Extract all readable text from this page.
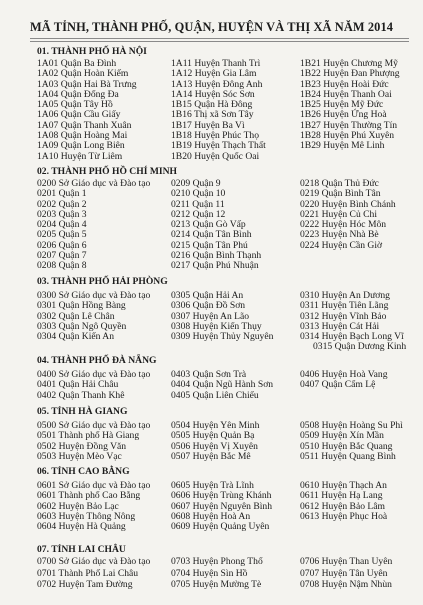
MÃ TỈNH, THÀNH PHỐ, QUẬN, HUYỆN VÀ THỊ XÃ NĂM 2014
01. THÀNH PHỐ HÀ NỘI
1A01 Quận Ba Đình
1A02 Quận Hoàn Kiếm
1A03 Quận Hai Bà Trưng
1A04 Quận Đống Đa
1A05 Quận Tây Hồ
1A06 Quận Cầu Giấy
1A07 Quận Thanh Xuân
1A08 Quận Hoàng Mai
1A09 Quận Long Biên
1A10 Huyện Từ Liêm
1A11 Huyện Thanh Trì
1A12 Huyện Gia Lâm
1A13 Huyện Đông Anh
1A14 Huyện Sóc Sơn
1B15 Quận Hà Đông
1B16 Thị xã Sơn Tây
1B17 Huyện Ba Vì
1B18 Huyện Phúc Thọ
1B19 Huyện Thạch Thất
1B20 Huyện Quốc Oai
1B21 Huyện Chương Mỹ
1B22 Huyện Đan Phượng
1B23 Huyện Hoài Đức
1B24 Huyện Thanh Oai
1B25 Huyện Mỹ Đức
1B26 Huyện Ứng Hoà
1B27 Huyện Thường Tín
1B28 Huyện Phú Xuyên
1B29 Huyện Mê Linh
02. THÀNH PHỐ HỒ CHÍ MINH
0200 Sở Giáo dục và Đào tạo
0201 Quận 1
0202 Quận 2
0203 Quận 3
0204 Quận 4
0205 Quận 5
0206 Quận 6
0207 Quận 7
0208 Quận 8
0209 Quận 9
0210 Quận 10
0211 Quận 11
0212 Quận 12
0213 Quận Gò Vấp
0214 Quận Tân Bình
0215 Quận Tân Phú
0216 Quận Bình Thạnh
0217 Quận Phú Nhuận
0218 Quận Thủ Đức
0219 Quận Bình Tân
0220 Huyện Bình Chánh
0221 Huyện Củ Chi
0222 Huyện Hóc Môn
0223 Huyện Nhà Bè
0224 Huyện Cần Giờ
03. THÀNH PHỐ HẢI PHÒNG
0300 Sở Giáo dục và Đào tạo
0301 Quận Hồng Bàng
0302 Quận Lê Chân
0303 Quận Ngô Quyền
0304 Quận Kiến An
0305 Quận Hải An
0306 Quận Đồ Sơn
0307 Huyện An Lão
0308 Huyện Kiến Thụy
0309 Huyện Thủy Nguyên
0310 Huyện An Dương
0311 Huyện Tiên Lãng
0312 Huyện Vĩnh Bảo
0313 Huyện Cát Hải
0314 Huyện Bạch Long Vĩ
0315 Quận Dương Kinh
04. THÀNH PHỐ ĐÀ NẴNG
0400 Sở Giáo dục và Đào tạo
0401 Quận Hải Châu
0402 Quận Thanh Khê
0403 Quận Sơn Trà
0404 Quận Ngũ Hành Sơn
0405 Quận Liên Chiểu
0406 Huyện Hoà Vang
0407 Quận Cẩm Lệ
05. TỈNH HÀ GIANG
0500 Sở Giáo dục và Đào tạo
0501 Thành phố Hà Giang
0502 Huyện Đồng Văn
0503 Huyện Mèo Vạc
0504 Huyện Yên Minh
0505 Huyện Quản Bạ
0506 Huyện Vị Xuyên
0507 Huyện Bắc Mê
0508 Huyện Hoàng Su Phì
0509 Huyện Xín Mần
0510 Huyện Bắc Quang
0511 Huyện Quang Bình
06. TỈNH CAO BẰNG
0601 Sở Giáo dục và Đào tạo
0601 Thành phố Cao Bằng
0602 Huyện Bảo Lạc
0603 Huyện Thông Nông
0604 Huyện Hà Quảng
0605 Huyện Trà Lĩnh
0606 Huyện Trùng Khánh
0607 Huyện Nguyên Bình
0608 Huyện Hoà An
0609 Huyện Quảng Uyên
0610 Huyện Thạch An
0611 Huyện Hạ Lang
0612 Huyện Bảo Lâm
0613 Huyện Phục Hoà
07. TỈNH LAI CHÂU
0700 Sở Giáo dục và Đào tạo
0701 Thành Phố Lai Châu
0702 Huyện Tam Đường
0703 Huyện Phong Thổ
0704 Huyện Sìn Hồ
0705 Huyện Mường Tè
0706 Huyện Than Uyên
0707 Huyện Tân Uyên
0708 Huyện Nậm Nhùn
